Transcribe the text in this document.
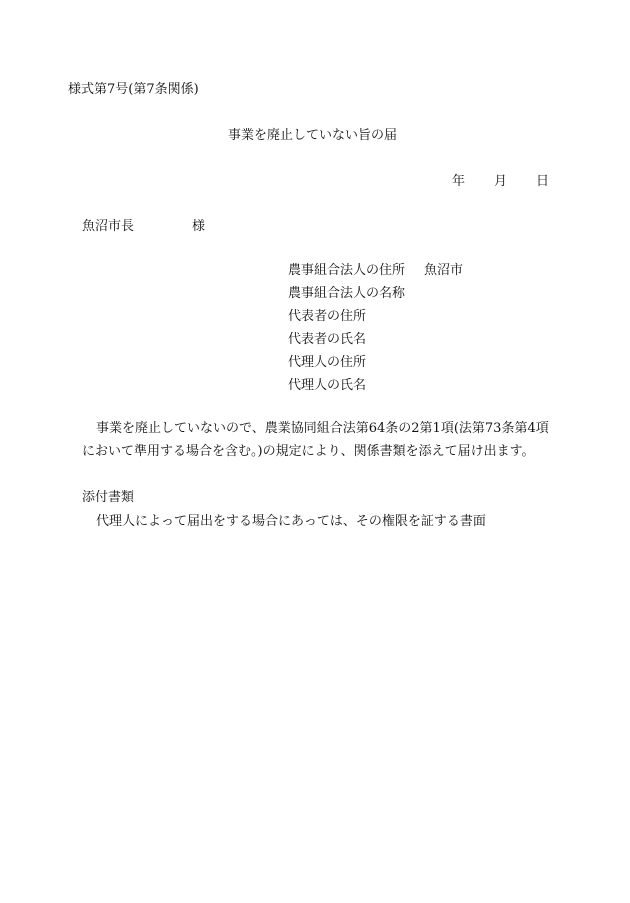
様式第7号(第7条関係)
事業を廃止していない旨の届
年 月 日
魚沼市長	様
農事組合法人の住所 魚沼市
農事組合法人の名称
代表者の住所
代表者の氏名
代理人の住所
代理人の氏名
事業を廃止していないので、農業協同組合法第64条の2第1項(法第73条第4項
において準用する場合を含む。)の規定により、関係書類を添えて届け出ます。
添付書類
代理人によって届出をする場合にあっては、その権限を証する書面
